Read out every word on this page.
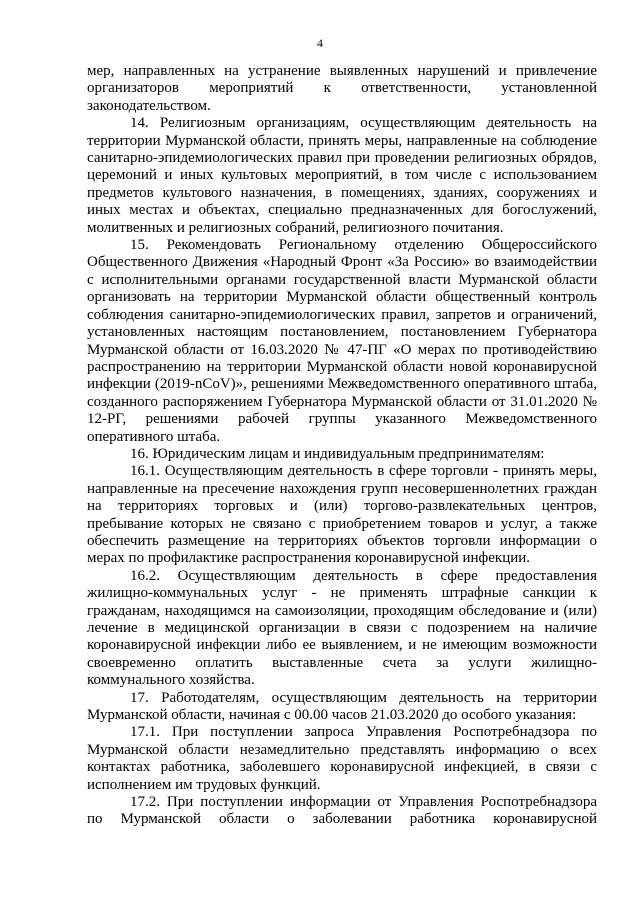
4

мер, направленных на устранение выявленных нарушений и привлечение организаторов мероприятий к ответственности, установленной законодательством.

14. Религиозным организациям, осуществляющим деятельность на территории Мурманской области, принять меры, направленные на соблюдение санитарно-эпидемиологических правил при проведении религиозных обрядов, церемоний и иных культовых мероприятий, в том числе с использованием предметов культового назначения, в помещениях, зданиях, сооружениях и иных местах и объектах, специально предназначенных для богослужений, молитвенных и религиозных собраний, религиозного почитания.

15. Рекомендовать Региональному отделению Общероссийского Общественного Движения «Народный Фронт «За Россию» во взаимодействии с исполнительными органами государственной власти Мурманской области организовать на территории Мурманской области общественный контроль соблюдения санитарно-эпидемиологических правил, запретов и ограничений, установленных настоящим постановлением, постановлением Губернатора Мурманской области от 16.03.2020 № 47-ПГ «О мерах по противодействию распространению на территории Мурманской области новой коронавирусной инфекции (2019-nCoV)», решениями Межведомственного оперативного штаба, созданного распоряжением Губернатора Мурманской области от 31.01.2020 № 12-РГ, решениями рабочей группы указанного Межведомственного оперативного штаба.

16. Юридическим лицам и индивидуальным предпринимателям:

16.1. Осуществляющим деятельность в сфере торговли - принять меры, направленные на пресечение нахождения групп несовершеннолетних граждан на территориях торговых и (или) торгово-развлекательных центров, пребывание которых не связано с приобретением товаров и услуг, а также обеспечить размещение на территориях объектов торговли информации о мерах по профилактике распространения коронавирусной инфекции.

16.2. Осуществляющим деятельность в сфере предоставления жилищно-коммунальных услуг - не применять штрафные санкции к гражданам, находящимся на самоизоляции, проходящим обследование и (или) лечение в медицинской организации в связи с подозрением на наличие коронавирусной инфекции либо ее выявлением, и не имеющим возможности своевременно оплатить выставленные счета за услуги жилищно-коммунального хозяйства.

17. Работодателям, осуществляющим деятельность на территории Мурманской области, начиная с 00.00 часов 21.03.2020 до особого указания:

17.1. При поступлении запроса Управления Роспотребнадзора по Мурманской области незамедлительно представлять информацию о всех контактах работника, заболевшего коронавирусной инфекцией, в связи с исполнением им трудовых функций.

17.2. При поступлении информации от Управления Роспотребнадзора по Мурманской области о заболевании работника коронавирусной
